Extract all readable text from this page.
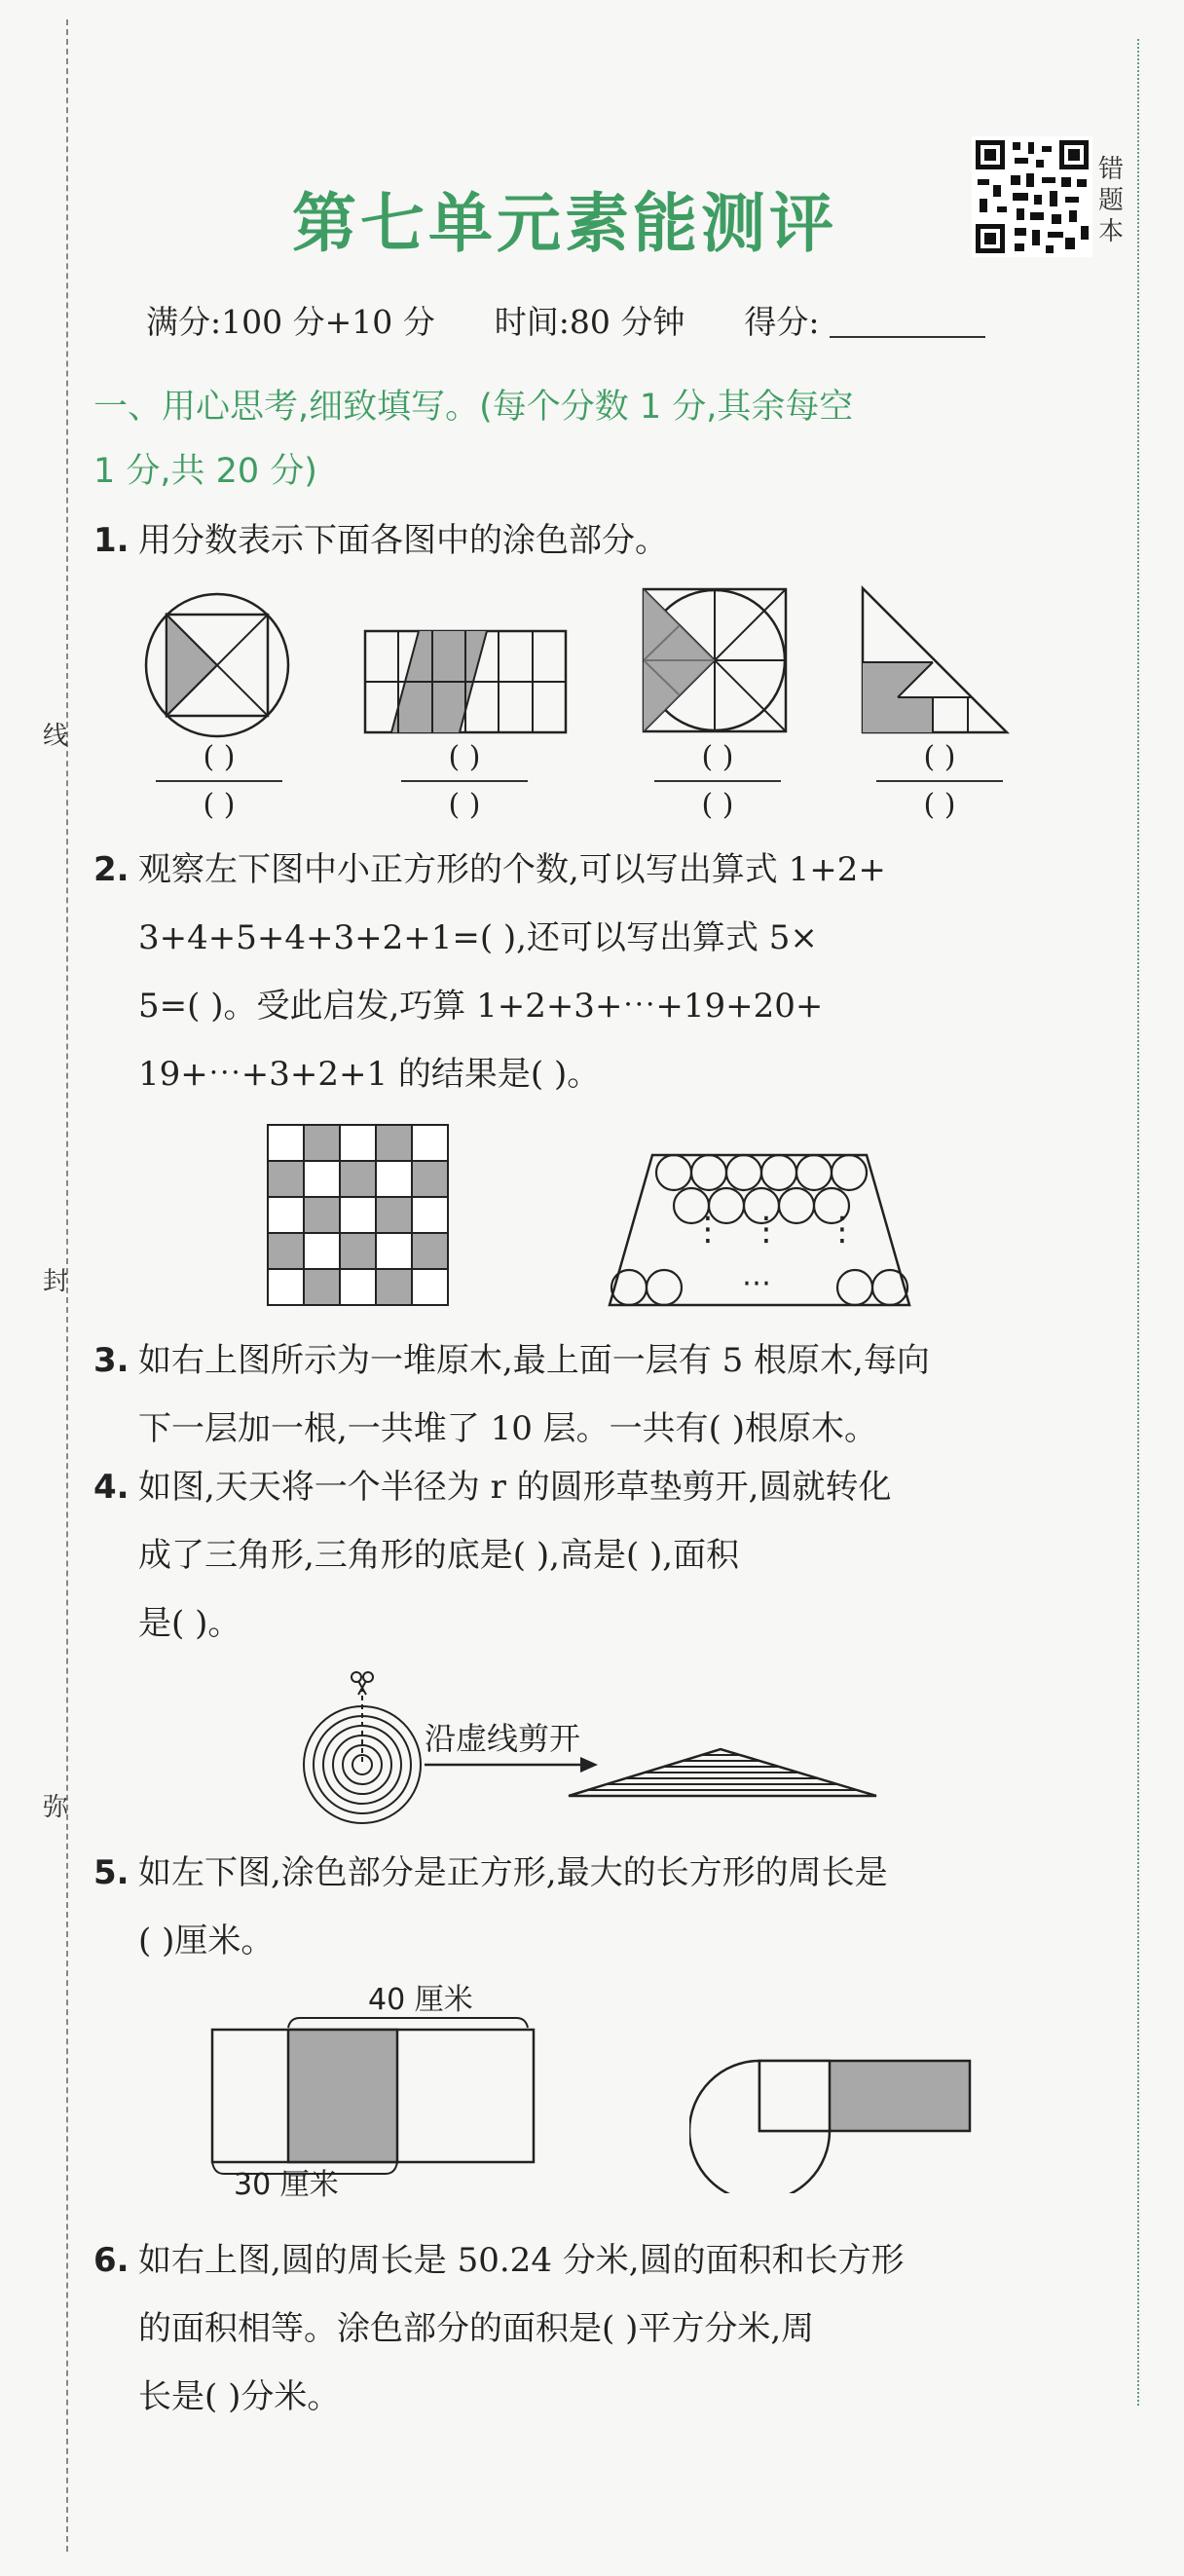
线
封
弥
错
题
本
第七单元素能测评
满分:100 分+10 分 时间:80 分钟 得分:
一、用心思考,细致填写。(每个分数 1 分,其余每空
1 分,共 20 分)
1. 用分数表示下面各图中的涂色部分。
( )
( )
( )
( )
( )
( )
( )
( )
2. 观察左下图中小正方形的个数,可以写出算式 1+2+
3+4+5+4+3+2+1=( ),还可以写出算式 5×
5=( )。受此启发,巧算 1+2+3+⋯+19+20+
19+⋯+3+2+1 的结果是( )。
⋮ ⋮ ⋮
⋯
3. 如右上图所示为一堆原木,最上面一层有 5 根原木,每向
下一层加一根,一共堆了 10 层。一共有( )根原木。
4. 如图,天天将一个半径为 r 的圆形草垫剪开,圆就转化
成了三角形,三角形的底是( ),高是( ),面积
是( )。
沿虚线剪开
5. 如左下图,涂色部分是正方形,最大的长方形的周长是
( )厘米。
40 厘米
30 厘米
6. 如右上图,圆的周长是 50.24 分米,圆的面积和长方形
的面积相等。涂色部分的面积是( )平方分米,周
长是( )分米。
